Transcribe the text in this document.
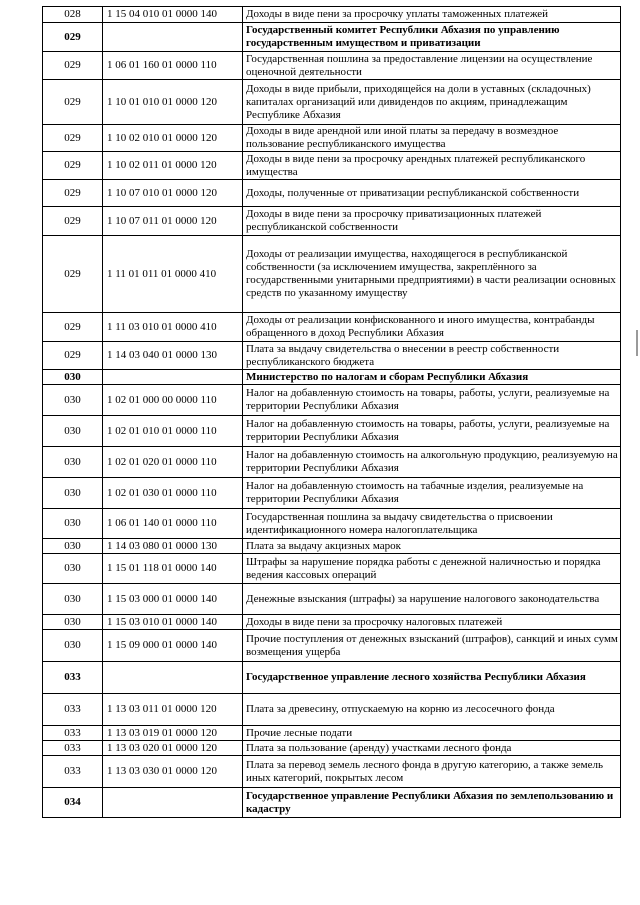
028	1 15 04 010 01 0000 140	Доходы в виде пени за просрочку уплаты таможенных платежей
029		Государственный комитет Республики Абхазия по управлению государственным имуществом и приватизации
029	1 06 01 160 01 0000 110	Государственная пошлина за предоставление лицензии на осуществление оценочной деятельности
029	1 10 01 010 01 0000 120	Доходы в виде прибыли, приходящейся на доли в уставных (складочных) капиталах организаций или дивидендов по акциям, принадлежащим Республике Абхазия
029	1 10 02 010 01 0000 120	Доходы в виде арендной или иной платы за передачу в возмездное пользование республиканского имущества
029	1 10 02 011 01 0000 120	Доходы в виде пени за просрочку арендных платежей республиканского имущества
029	1 10 07 010 01 0000 120	Доходы, полученные от приватизации республиканской собственности
029	1 10 07 011 01 0000 120	Доходы в виде пени за просрочку приватизационных платежей республиканской собственности
029	1 11 01 011 01 0000 410	Доходы от реализации имущества, находящегося в республиканской собственности (за исключением имущества, закреплённого за государственными унитарными предприятиями) в части реализации основных средств по указанному имуществу
029	1 11 03 010 01 0000 410	Доходы от реализации конфискованного и иного имущества, контрабанды обращенного в доход Республики Абхазия
029	1 14 03 040 01 0000 130	Плата за выдачу свидетельства о внесении в реестр собственности республиканского бюджета
030		Министерство по налогам и сборам Республики Абхазия
030	1 02 01 000 00 0000 110	Налог на добавленную стоимость на товары, работы, услуги, реализуемые на территории Республики Абхазия
030	1 02 01 010 01 0000 110	Налог на добавленную стоимость на товары, работы, услуги, реализуемые на территории Республики Абхазия
030	1 02 01 020 01 0000 110	Налог на добавленную стоимость на алкогольную продукцию, реализуемую на территории Республики Абхазия
030	1 02 01 030 01 0000 110	Налог на добавленную стоимость на табачные изделия, реализуемые на территории Республики Абхазия
030	1 06 01 140 01 0000 110	Государственная пошлина за выдачу свидетельства о присвоении идентификационного номера налогоплательщика
030	1 14 03 080 01 0000 130	Плата за выдачу акцизных марок
030	1 15 01 118 01 0000 140	Штрафы за нарушение порядка работы с денежной наличностью и порядка ведения кассовых операций
030	1 15 03 000 01 0000 140	Денежные взыскания (штрафы) за нарушение налогового законодательства
030	1 15 03 010 01 0000 140	Доходы в виде пени за просрочку налоговых платежей
030	1 15 09 000 01 0000 140	Прочие поступления от денежных взысканий (штрафов), санкций и иных сумм возмещения ущерба
033		Государственное управление лесного хозяйства Республики Абхазия
033	1 13 03 011 01 0000 120	Плата за древесину, отпускаемую на корню из лесосечного фонда
033	1 13 03 019 01 0000 120	Прочие лесные подати
033	1 13 03 020 01 0000 120	Плата за пользование (аренду) участками лесного фонда
033	1 13 03 030 01 0000 120	Плата за перевод земель лесного фонда в другую категорию, а также земель иных категорий, покрытых лесом
034		Государственное управление Республики Абхазия по землепользованию и кадастру
